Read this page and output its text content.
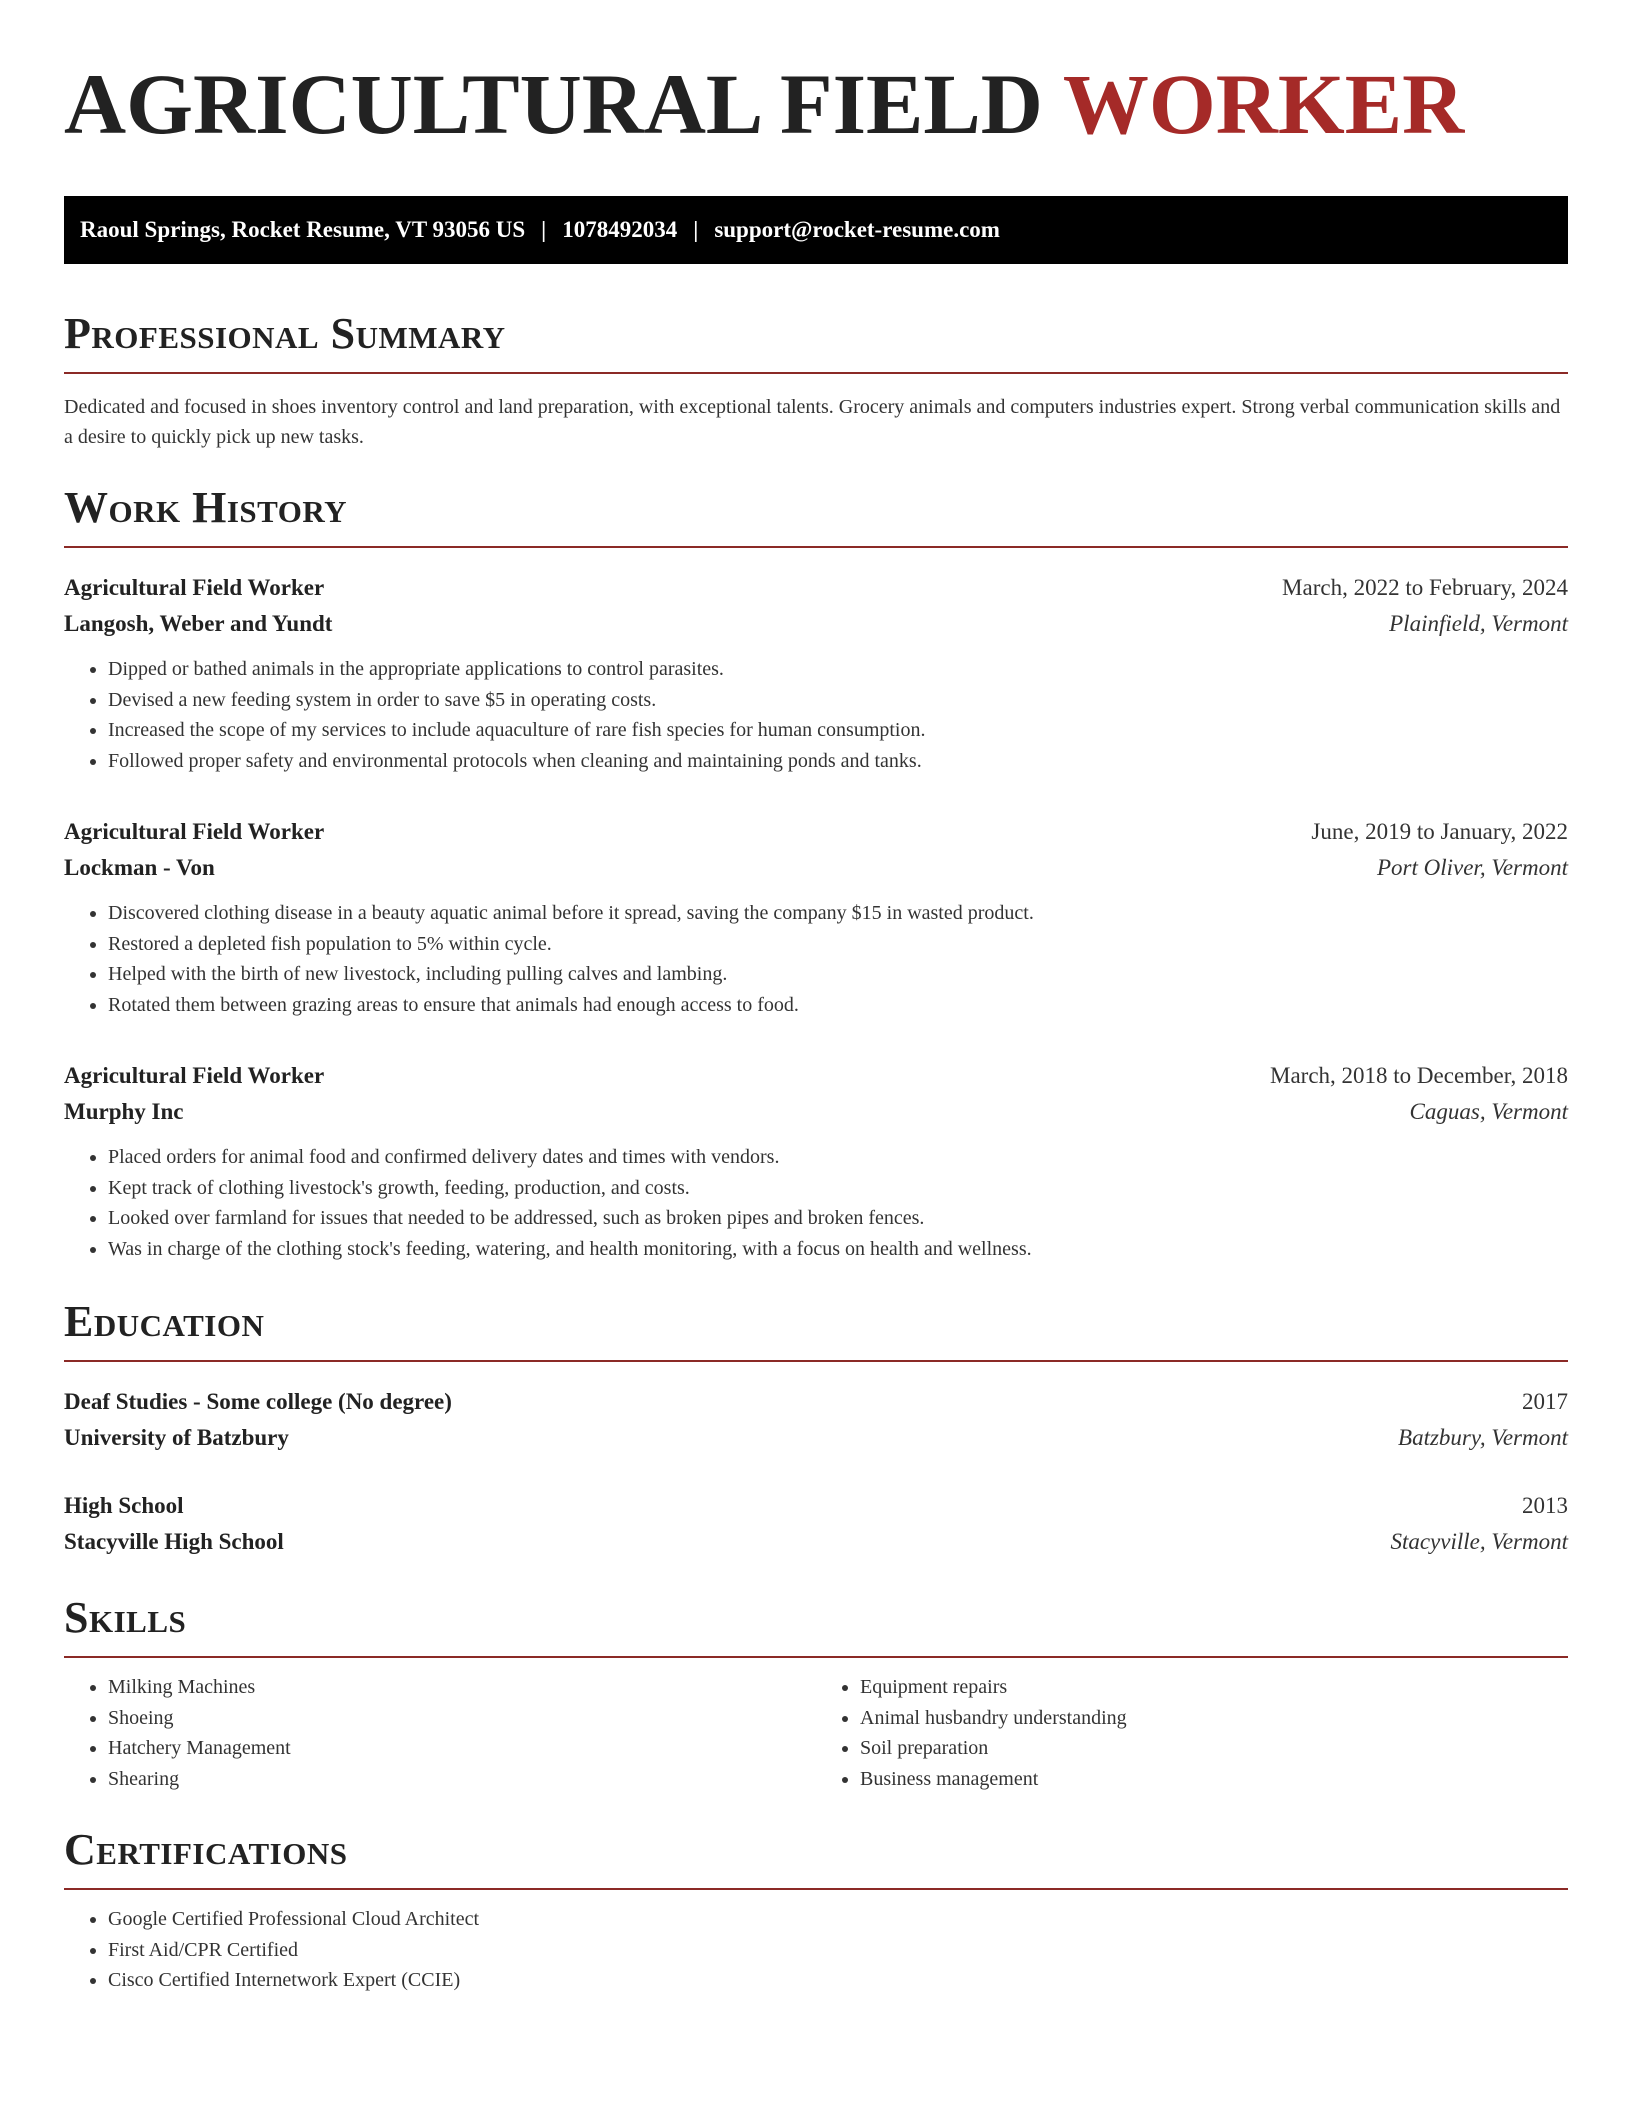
AGRICULTURAL FIELD WORKER
Raoul Springs, Rocket Resume, VT 93056 US | 1078492034 | support@rocket-resume.com
Professional Summary

Dedicated and focused in shoes inventory control and land preparation, with exceptional talents. Grocery animals and computers industries expert. Strong verbal communication skills and a desire to quickly pick up new tasks.

Work History
Agricultural Field Worker	March, 2022 to February, 2024
Langosh, Weber and Yundt	Plainfield, Vermont
• Dipped or bathed animals in the appropriate applications to control parasites.
• Devised a new feeding system in order to save $5 in operating costs.
• Increased the scope of my services to include aquaculture of rare fish species for human consumption.
• Followed proper safety and environmental protocols when cleaning and maintaining ponds and tanks.
Agricultural Field Worker	June, 2019 to January, 2022
Lockman - Von	Port Oliver, Vermont
• Discovered clothing disease in a beauty aquatic animal before it spread, saving the company $15 in wasted product.
• Restored a depleted fish population to 5% within cycle.
• Helped with the birth of new livestock, including pulling calves and lambing.
• Rotated them between grazing areas to ensure that animals had enough access to food.
Agricultural Field Worker	March, 2018 to December, 2018
Murphy Inc	Caguas, Vermont
• Placed orders for animal food and confirmed delivery dates and times with vendors.
• Kept track of clothing livestock's growth, feeding, production, and costs.
• Looked over farmland for issues that needed to be addressed, such as broken pipes and broken fences.
• Was in charge of the clothing stock's feeding, watering, and health monitoring, with a focus on health and wellness.
Education
Deaf Studies - Some college (No degree)	2017
University of Batzbury	Batzbury, Vermont
High School	2013
Stacyville High School	Stacyville, Vermont
Skills
• Milking Machines
• Shoeing
• Hatchery Management
• Shearing
• Equipment repairs
• Animal husbandry understanding
• Soil preparation
• Business management
Certifications
• Google Certified Professional Cloud Architect
• First Aid/CPR Certified
• Cisco Certified Internetwork Expert (CCIE)
